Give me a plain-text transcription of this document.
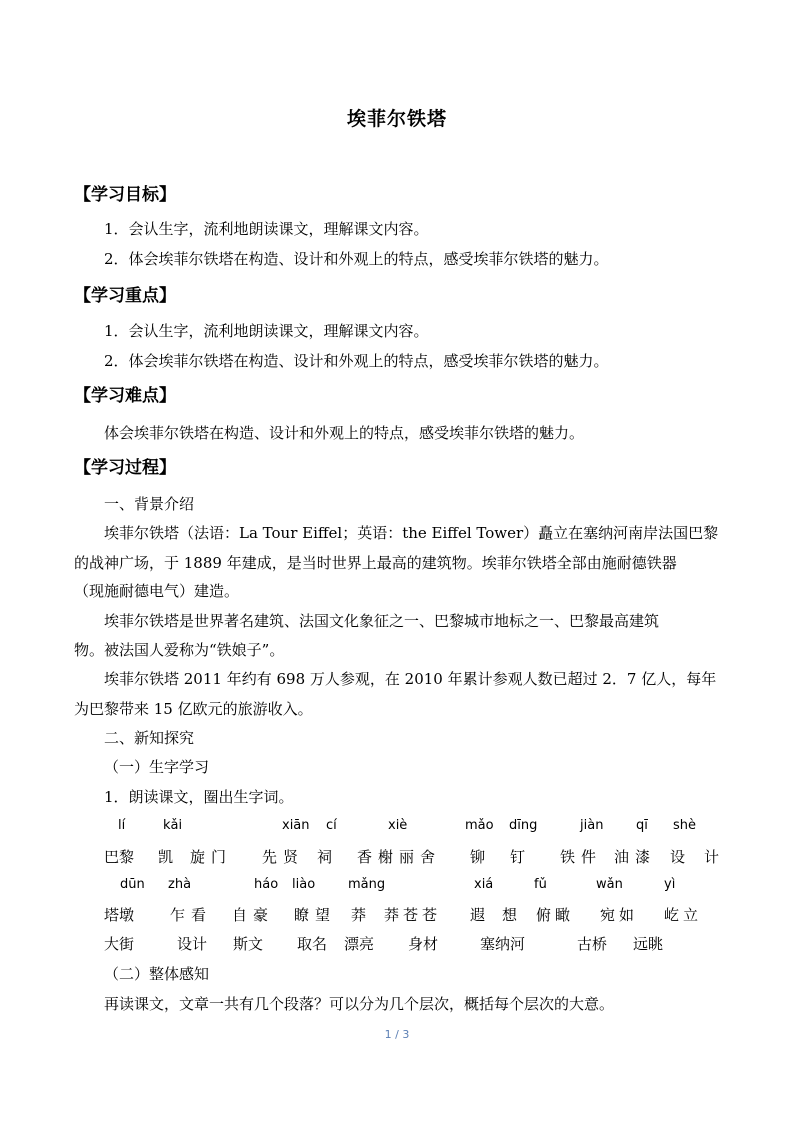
埃菲尔铁塔
【学习目标】
1．会认生字，流利地朗读课文，理解课文内容。
2．体会埃菲尔铁塔在构造、设计和外观上的特点，感受埃菲尔铁塔的魅力。
【学习重点】
1．会认生字，流利地朗读课文，理解课文内容。
2．体会埃菲尔铁塔在构造、设计和外观上的特点，感受埃菲尔铁塔的魅力。
【学习难点】
体会埃菲尔铁塔在构造、设计和外观上的特点，感受埃菲尔铁塔的魅力。
【学习过程】
一、背景介绍
埃菲尔铁塔（法语：La Tour Eiffel；英语：the Eiffel Tower）矗立在塞纳河南岸法国巴黎
的战神广场，于 1889 年建成，是当时世界上最高的建筑物。埃菲尔铁塔全部由施耐德铁器
（现施耐德电气）建造。
埃菲尔铁塔是世界著名建筑、法国文化象征之一、巴黎城市地标之一、巴黎最高建筑
物。被法国人爱称为“铁娘子”。
埃菲尔铁塔 2011 年约有 698 万人参观，在 2010 年累计参观人数已超过 2．7 亿人，每年
为巴黎带来 15 亿欧元的旅游收入。
二、新知探究
（一）生字学习
1．朗读课文，圈出生字词。
lí	kǎi	xiān cí	xiè	mǎo dīng	jiàn	qī shè
巴黎 凯 旋门 先贤 祠 香榭丽舍 铆 钉 铁件 油漆 设 计
dūn zhà	háo liào	mǎng	xiá	fǔ	wǎn	yì
塔墩 乍看 自豪 瞭望 莽 莽苍苍 遐 想 俯瞰 宛如 屹立
大街	设计 斯文 取名 漂亮 身材	塞纳河	古桥 远眺
（二）整体感知
再读课文，文章一共有几个段落？可以分为几个层次，概括每个层次的大意。
1 / 3
